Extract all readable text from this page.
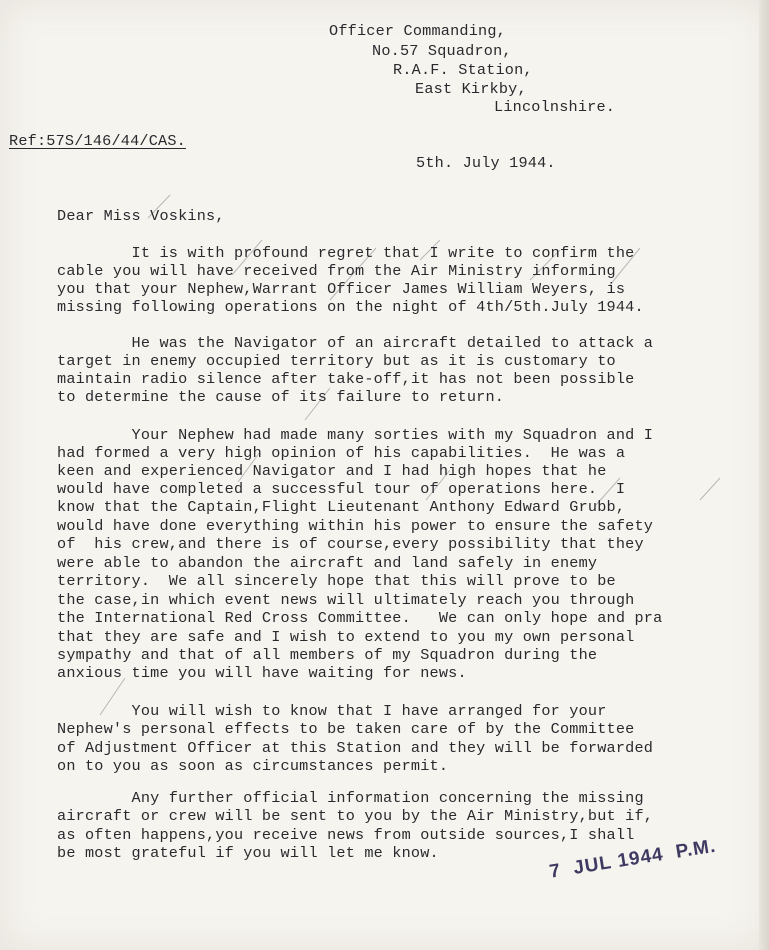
Officer Commanding,
No.57 Squadron,
R.A.F. Station,
East Kirkby,
Lincolnshire.
Ref:57S/146/44/CAS.
5th. July 1944.
Dear Miss Voskins,
It is with profound regret that I write to confirm the
cable you will have received from the Air Ministry informing
you that your Nephew,Warrant Officer James William Weyers, is
missing following operations on the night of 4th/5th.July 1944.
He was the Navigator of an aircraft detailed to attack a
target in enemy occupied territory but as it is customary to
maintain radio silence after take-off,it has not been possible
to determine the cause of its failure to return.
Your Nephew had made many sorties with my Squadron and I
had formed a very high opinion of his capabilities.  He was a
keen and experienced Navigator and I had high hopes that he
would have completed a successful tour of operations here.  I
know that the Captain,Flight Lieutenant Anthony Edward Grubb,
would have done everything within his power to ensure the safety
of  his crew,and there is of course,every possibility that they
were able to abandon the aircraft and land safely in enemy
territory.  We all sincerely hope that this will prove to be
the case,in which event news will ultimately reach you through
the International Red Cross Committee.   We can only hope and pra
that they are safe and I wish to extend to you my own personal
sympathy and that of all members of my Squadron during the
anxious time you will have waiting for news.
You will wish to know that I have arranged for your
Nephew's personal effects to be taken care of by the Committee
of Adjustment Officer at this Station and they will be forwarded
on to you as soon as circumstances permit.
Any further official information concerning the missing
aircraft or crew will be sent to you by the Air Ministry,but if,
as often happens,you receive news from outside sources,I shall
be most grateful if you will let me know.	7  JUL 1944  P.M.
